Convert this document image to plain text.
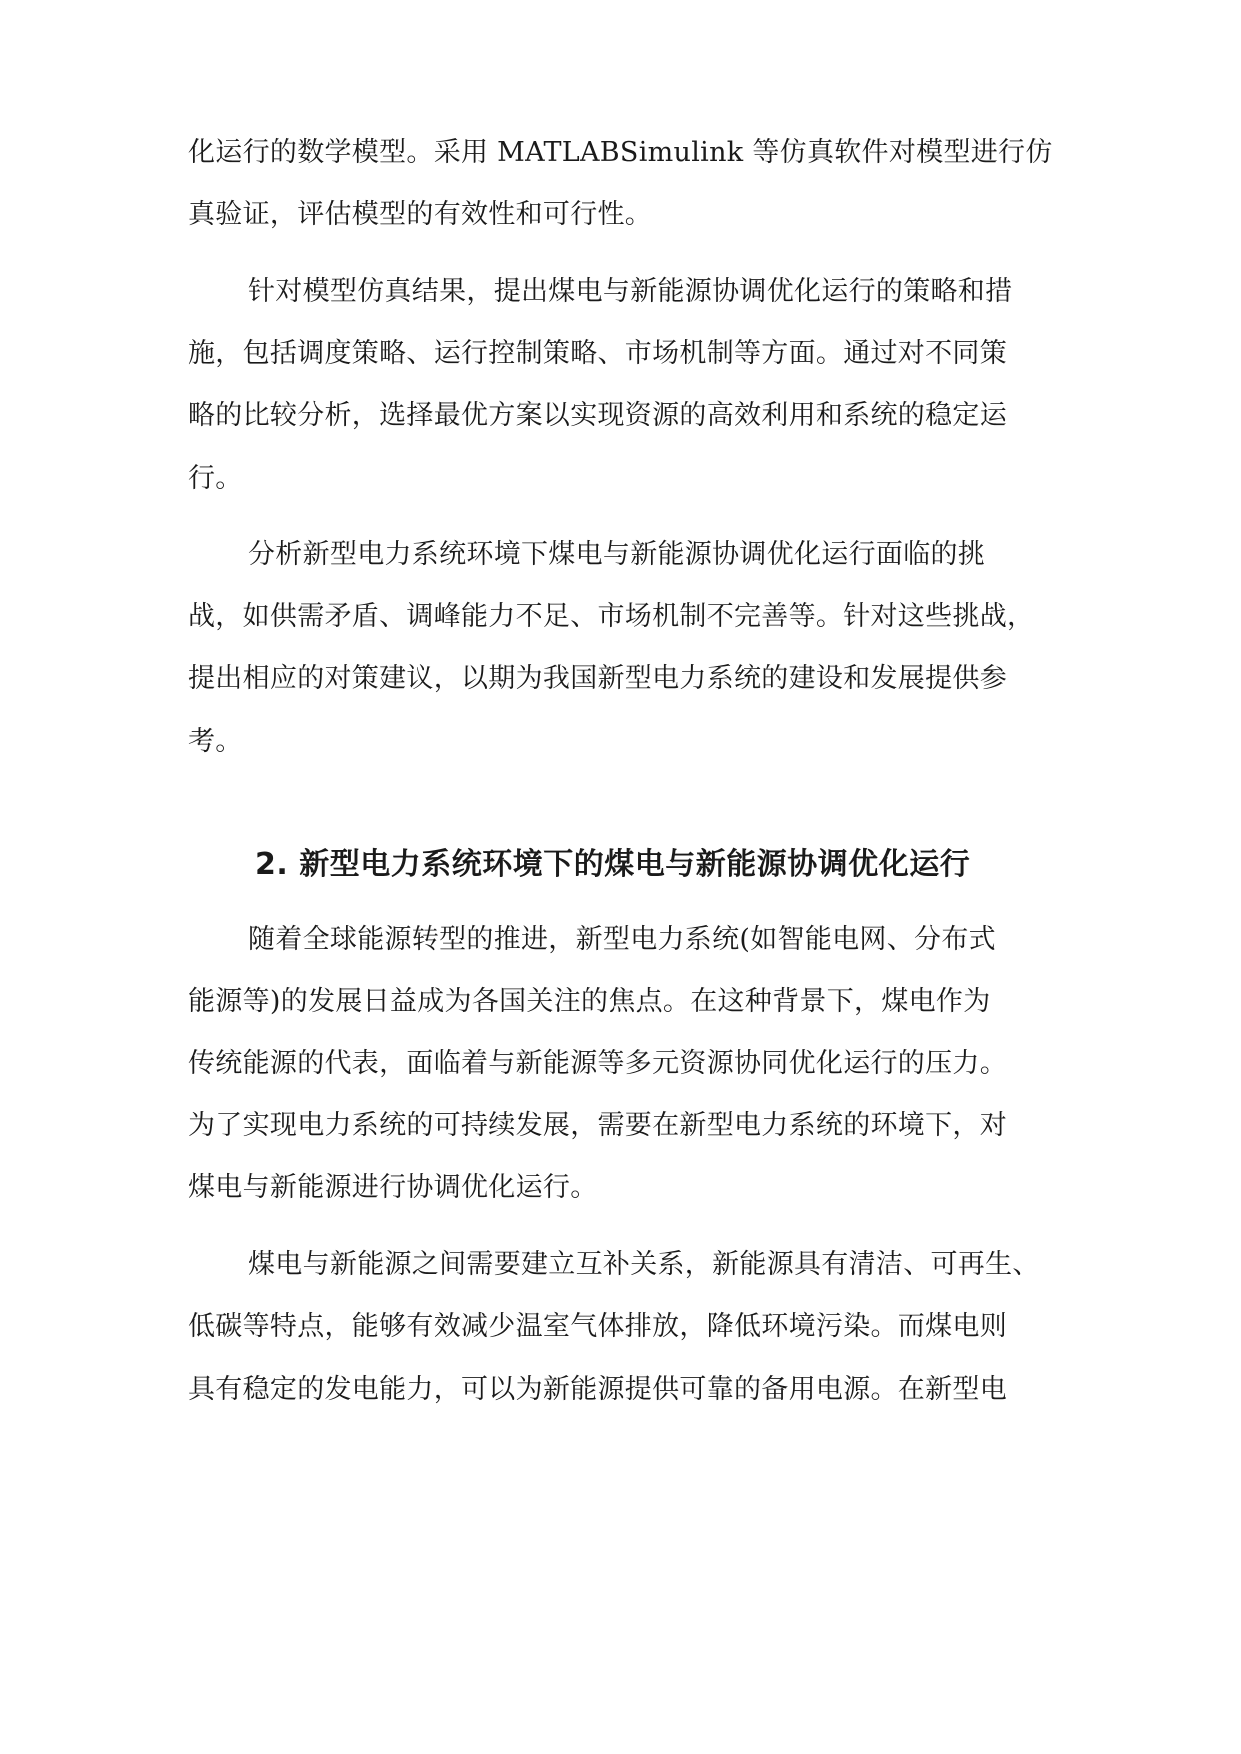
化运行的数学模型。采用 MATLABSimulink 等仿真软件对模型进行仿
真验证，评估模型的有效性和可行性。
针对模型仿真结果，提出煤电与新能源协调优化运行的策略和措
施，包括调度策略、运行控制策略、市场机制等方面。通过对不同策
略的比较分析，选择最优方案以实现资源的高效利用和系统的稳定运
行。
分析新型电力系统环境下煤电与新能源协调优化运行面临的挑
战，如供需矛盾、调峰能力不足、市场机制不完善等。针对这些挑战，
提出相应的对策建议，以期为我国新型电力系统的建设和发展提供参
考。
2. 新型电力系统环境下的煤电与新能源协调优化运行
随着全球能源转型的推进，新型电力系统(如智能电网、分布式
能源等)的发展日益成为各国关注的焦点。在这种背景下，煤电作为
传统能源的代表，面临着与新能源等多元资源协同优化运行的压力。
为了实现电力系统的可持续发展，需要在新型电力系统的环境下，对
煤电与新能源进行协调优化运行。
煤电与新能源之间需要建立互补关系，新能源具有清洁、可再生、
低碳等特点，能够有效减少温室气体排放，降低环境污染。而煤电则
具有稳定的发电能力，可以为新能源提供可靠的备用电源。在新型电
